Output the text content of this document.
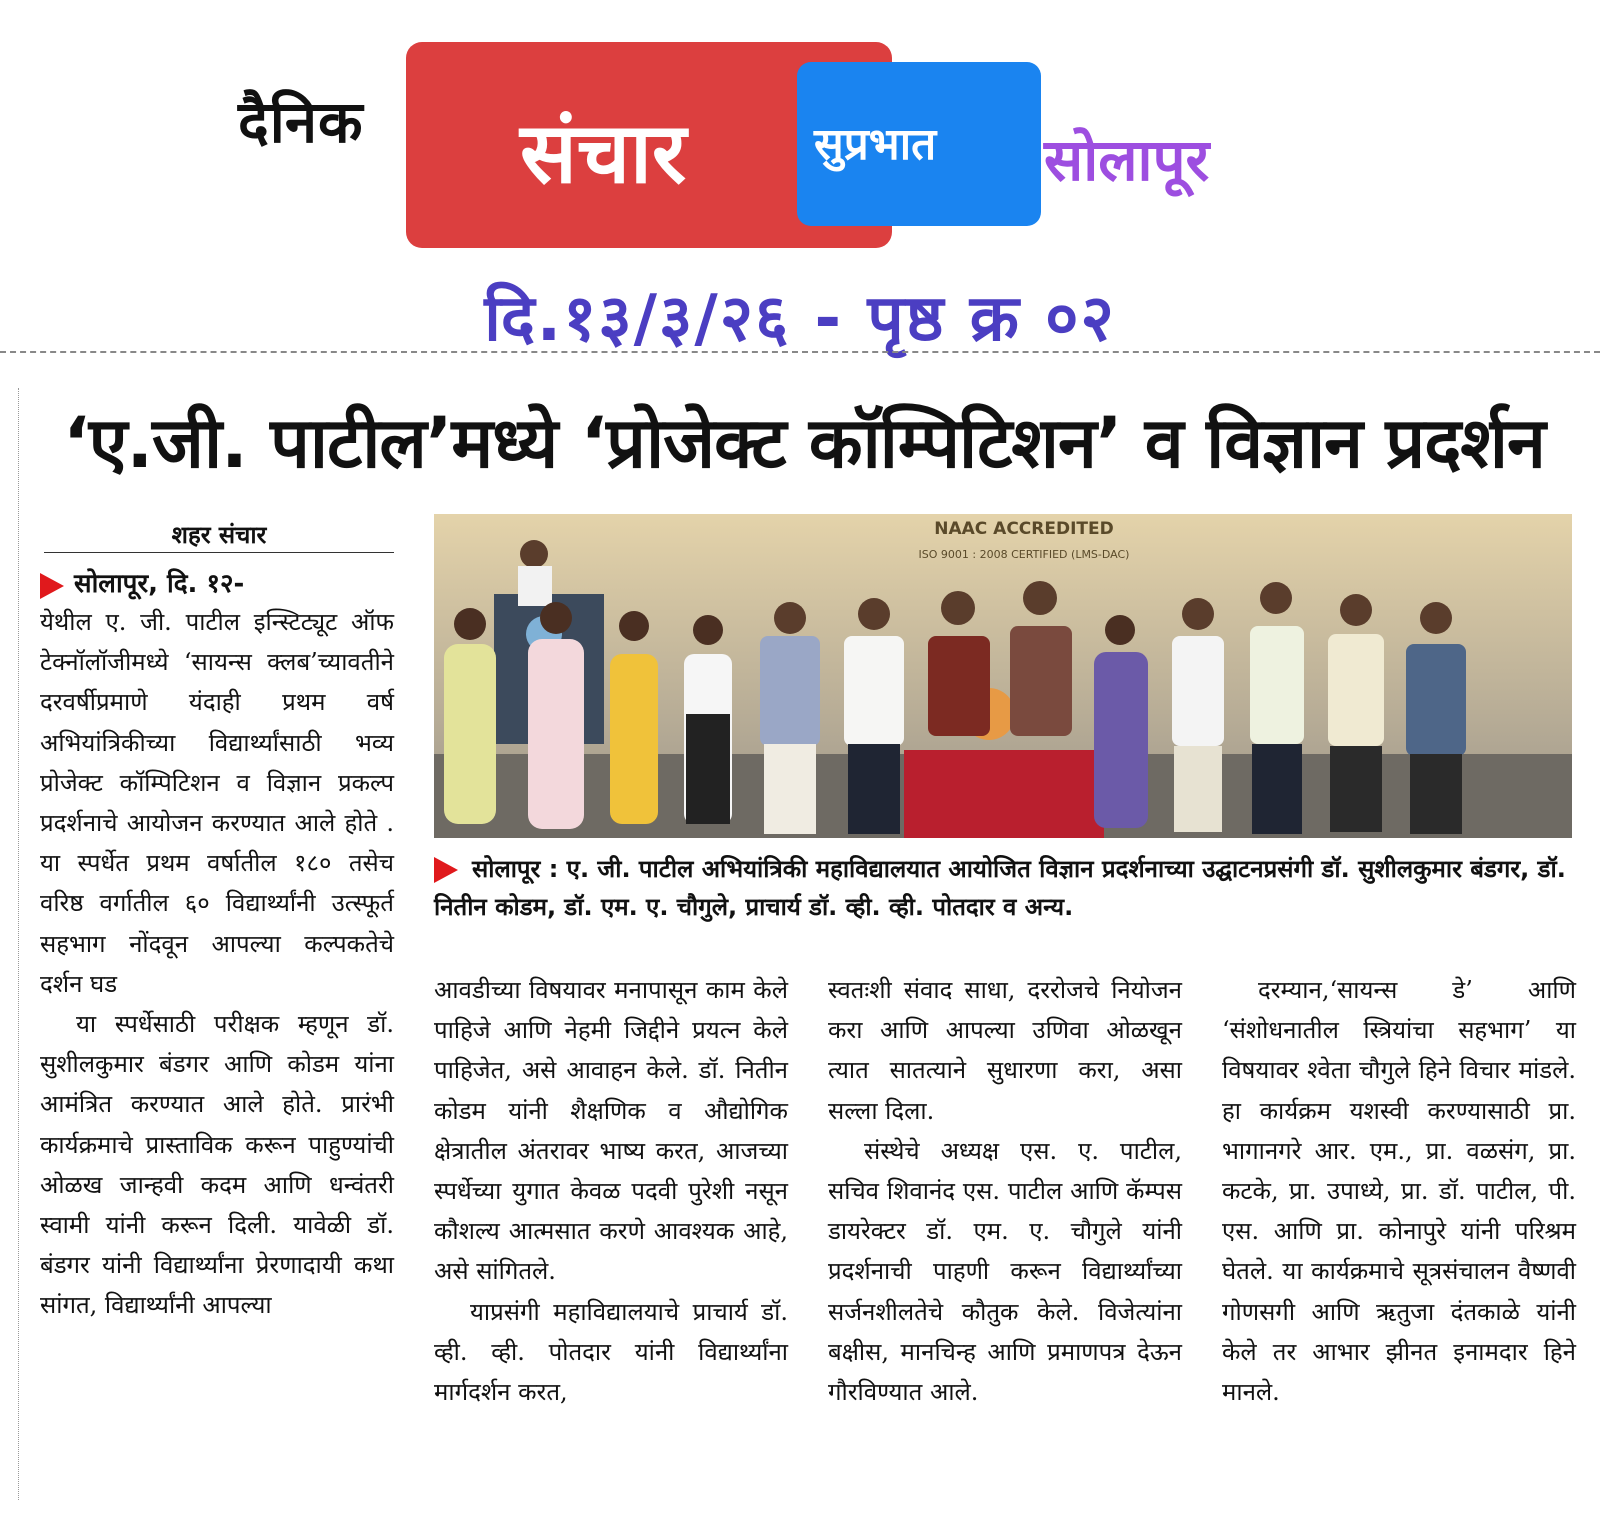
दैनिक संचार	सुप्रभात सोलापूर
दि.१३/३/२६ - पृष्ठ क्र ०२
‘ए.जी. पाटील’मध्ये ‘प्रोजेक्ट कॉम्पिटिशन’ व विज्ञान प्रदर्शन
शहर संचार
सोलापूर, दि. १२-

येथील ए. जी. पाटील इन्स्टिट्यूट ऑफ टेक्नॉलॉजीमध्ये ‘सायन्स क्लब’च्यावतीने दरवर्षीप्रमाणे यंदाही प्रथम वर्ष अभियांत्रिकीच्या विद्यार्थ्यांसाठी भव्य प्रोजेक्ट कॉम्पिटिशन व विज्ञान प्रकल्प प्रदर्शनाचे आयोजन करण्यात आले होते . या स्पर्धेत प्रथम वर्षातील १८० तसेच वरिष्ठ वर्गातील ६० विद्यार्थ्यांनी उत्स्फूर्त सहभाग नोंदवून आपल्या कल्पकतेचे दर्शन घड

या स्पर्धेसाठी परीक्षक म्हणून डॉ. सुशीलकुमार बंडगर आणि कोडम यांना आमंत्रित करण्यात आले होते. प्रारंभी कार्यक्रमाचे प्रास्ताविक करून पाहुण्यांची ओळख जान्हवी कदम आणि धन्वंतरी स्वामी यांनी करून दिली. यावेळी डॉ. बंडगर यांनी विद्यार्थ्यांना प्रेरणादायी कथा सांगत, विद्यार्थ्यांनी आपल्या

NAAC ACCREDITED
ISO 9001 : 2008 CERTIFIED (LMS-DAC)
सोलापूर : ए. जी. पाटील अभियांत्रिकी महाविद्यालयात आयोजित विज्ञान प्रदर्शनाच्या उद्घाटनप्रसंगी डॉ. सुशीलकुमार बंडगर, डॉ. नितीन कोडम, डॉ. एम. ए. चौगुले, प्राचार्य डॉ. व्ही. व्ही. पोतदार व अन्य.

आवडीच्या विषयावर मनापासून काम केले पाहिजे आणि नेहमी जिद्दीने प्रयत्न केले पाहिजेत, असे आवाहन केले. डॉ. नितीन कोडम यांनी शैक्षणिक व औद्योगिक क्षेत्रातील अंतरावर भाष्य करत, आजच्या स्पर्धेच्या युगात केवळ पदवी पुरेशी नसून कौशल्य आत्मसात करणे आवश्यक आहे, असे सांगितले.

याप्रसंगी महाविद्यालयाचे प्राचार्य डॉ. व्ही. व्ही. पोतदार यांनी विद्यार्थ्यांना मार्गदर्शन करत,

स्वतःशी संवाद साधा, दररोजचे नियोजन करा आणि आपल्या उणिवा ओळखून त्यात सातत्याने सुधारणा करा, असा सल्ला दिला.

संस्थेचे अध्यक्ष एस. ए. पाटील, सचिव शिवानंद एस. पाटील आणि कॅम्पस डायरेक्टर डॉ. एम. ए. चौगुले यांनी प्रदर्शनाची पाहणी करून विद्यार्थ्यांच्या सर्जनशीलतेचे कौतुक केले. विजेत्यांना बक्षीस, मानचिन्ह आणि प्रमाणपत्र देऊन गौरविण्यात आले.

दरम्यान,‘सायन्स डे’ आणि ‘संशोधनातील स्त्रियांचा सहभाग’ या विषयावर श्वेता चौगुले हिने विचार मांडले. हा कार्यक्रम यशस्वी करण्यासाठी प्रा. भागानगरे आर. एम., प्रा. वळसंग, प्रा. कटके, प्रा. उपाध्ये, प्रा. डॉ. पाटील, पी. एस. आणि प्रा. कोनापुरे यांनी परिश्रम घेतले. या कार्यक्रमाचे सूत्रसंचालन वैष्णवी गोणसगी आणि ऋतुजा दंतकाळे यांनी केले तर आभार झीनत इनामदार हिने मानले.
